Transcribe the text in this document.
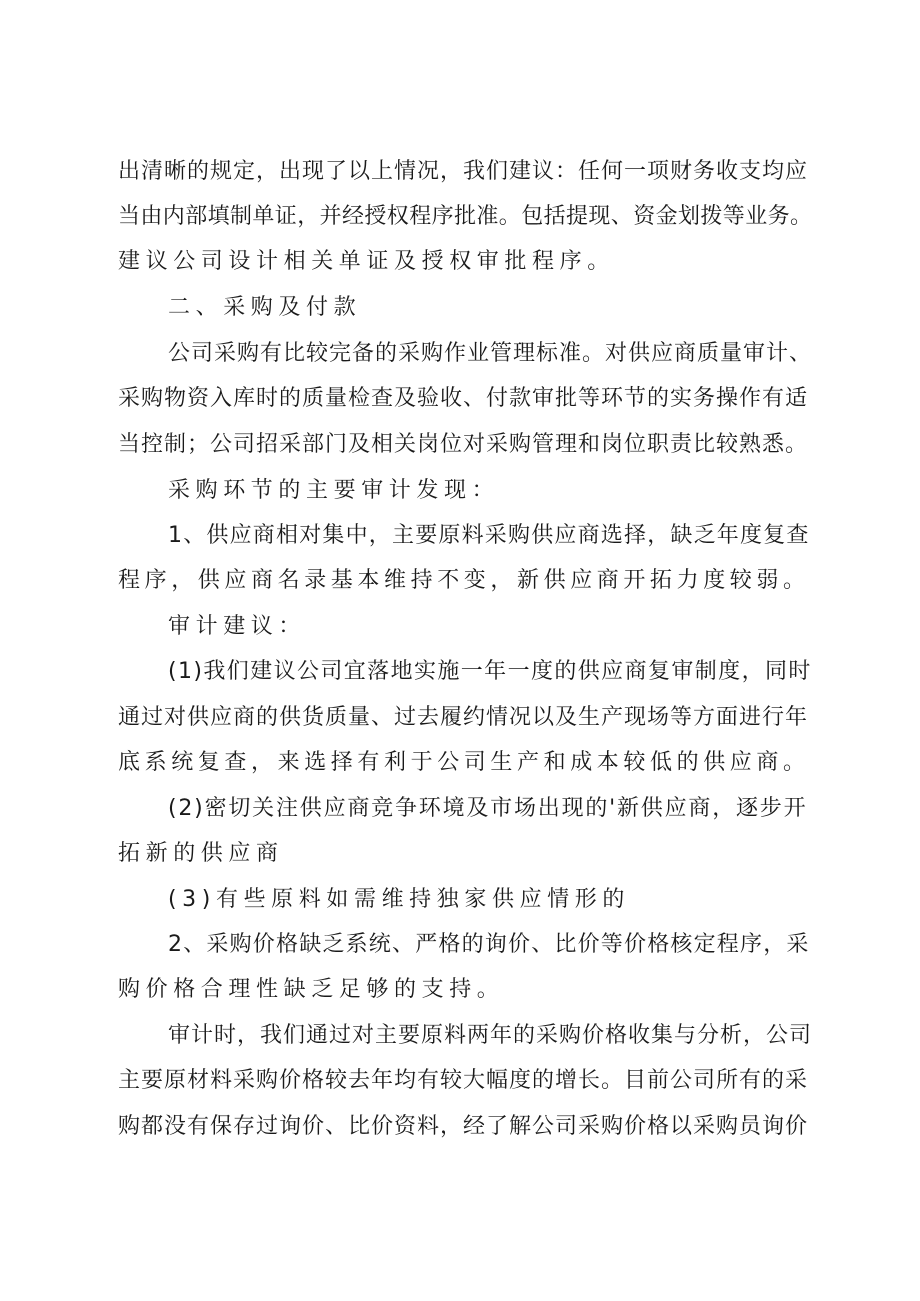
出清晰的规定，出现了以上情况，我们建议：任何一项财务收支均应
当由内部填制单证，并经授权程序批准。包括提现、资金划拨等业务。
建议公司设计相关单证及授权审批程序。
二、采购及付款
公司采购有比较完备的采购作业管理标准。对供应商质量审计、
采购物资入库时的质量检查及验收、付款审批等环节的实务操作有适
当控制；公司招采部门及相关岗位对采购管理和岗位职责比较熟悉。
采购环节的主要审计发现：
1、供应商相对集中，主要原料采购供应商选择，缺乏年度复查
程序，供应商名录基本维持不变，新供应商开拓力度较弱。
审计建议：
(1)我们建议公司宜落地实施一年一度的供应商复审制度，同时
通过对供应商的供货质量、过去履约情况以及生产现场等方面进行年
底系统复查，来选择有利于公司生产和成本较低的供应商。
(2)密切关注供应商竞争环境及市场出现的'新供应商，逐步开
拓新的供应商
(3)有些原料如需维持独家供应情形的
2、采购价格缺乏系统、严格的询价、比价等价格核定程序，采
购价格合理性缺乏足够的支持。
审计时，我们通过对主要原料两年的采购价格收集与分析，公司
主要原材料采购价格较去年均有较大幅度的增长。目前公司所有的采
购都没有保存过询价、比价资料，经了解公司采购价格以采购员询价
